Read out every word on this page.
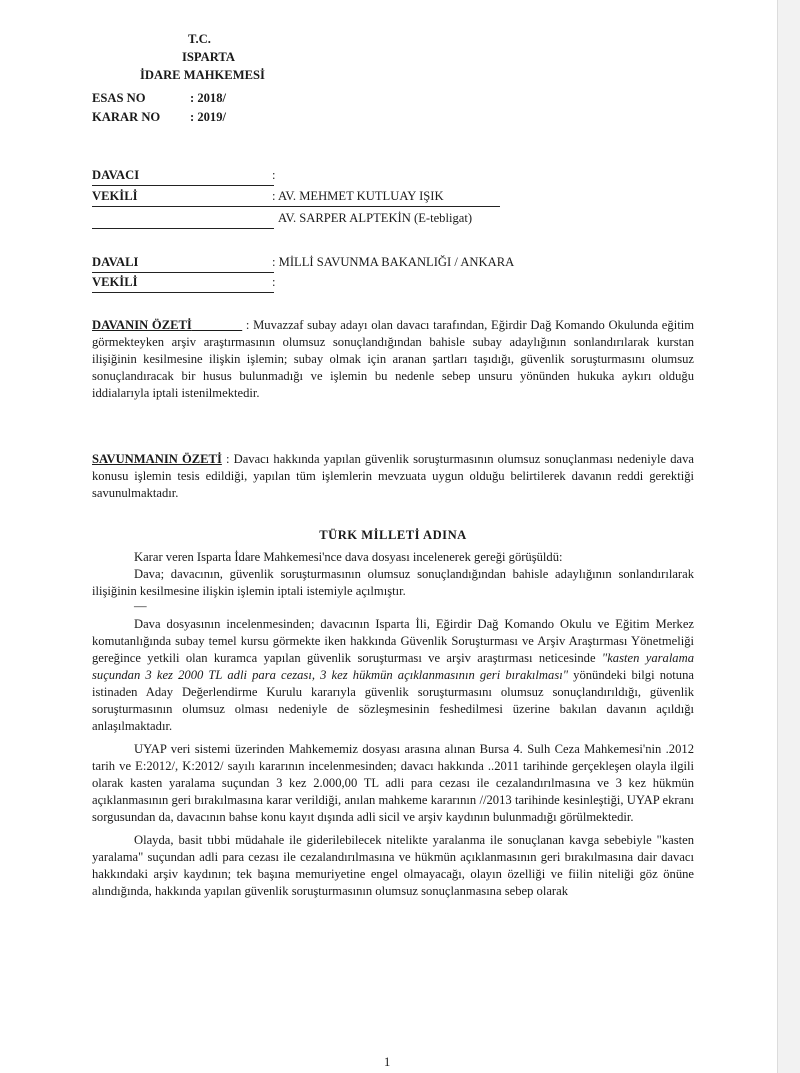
T.C.
ISPARTA
İDARE MAHKEMESİ
ESAS NO	: 2018/
KARAR NO : 2019/
DAVACI	:
VEKİLİ	: AV. MEHMET KUTLUAY IŞIK
AV. SARPER ALPTEKİN (E-tebligat)
DAVALI	: MİLLİ SAVUNMA BAKANLIĞI / ANKARA
VEKİLİ	:

DAVANIN ÖZETİ    	: Muvazzaf subay adayı olan davacı tarafından, Eğirdir Dağ Komando Okulunda eğitim görmekteyken arşiv araştırmasının olumsuz sonuçlandığından bahisle subay adaylığının sonlandırılarak kurstan ilişiğinin kesilmesine ilişkin işlemin; subay olmak için aranan şartları taşıdığı, güvenlik soruşturmasını olumsuz sonuçlandıracak bir husus bulunmadığı ve işlemin bu nedenle sebep unsuru yönünden hukuka aykırı olduğu iddialarıyla iptali istenilmektedir.

SAVUNMANIN ÖZETİ : Davacı hakkında yapılan güvenlik soruşturmasının olumsuz sonuçlanması nedeniyle dava konusu işlemin tesis edildiği, yapılan tüm işlemlerin mevzuata uygun olduğu belirtilerek davanın reddi gerektiği savunulmaktadır.

TÜRK MİLLETİ ADINA

Karar veren Isparta İdare Mahkemesi'nce dava dosyası incelenerek gereği görüşüldü:

Dava; davacının, güvenlik soruşturmasının olumsuz sonuçlandığından bahisle adaylığının sonlandırılarak ilişiğinin kesilmesine ilişkin işlemin iptali istemiyle açılmıştır.

—

Dava dosyasının incelenmesinden; davacının Isparta İli, Eğirdir Dağ Komando Okulu ve Eğitim Merkez komutanlığında subay temel kursu görmekte iken hakkında Güvenlik Soruşturması ve Arşiv Araştırması Yönetmeliği gereğince yetkili olan kuramca yapılan güvenlik soruşturması ve arşiv araştırması neticesinde "kasten yaralama suçundan 3 kez 2000 TL adli para cezası, 3 kez hükmün açıklanmasının geri bırakılması" yönündeki bilgi notuna istinaden Aday Değerlendirme Kurulu kararıyla güvenlik soruşturmasını olumsuz sonuçlandırıldığı, güvenlik soruşturmasının olumsuz olması nedeniyle de sözleşmesinin feshedilmesi üzerine bakılan davanın açıldığı anlaşılmaktadır.

UYAP veri sistemi üzerinden Mahkememiz dosyası arasına alınan Bursa 4. Sulh Ceza Mahkemesi'nin .2012 tarih ve E:2012/, K:2012/ sayılı kararının incelenmesinden; davacı hakkında ..2011 tarihinde gerçekleşen olayla ilgili olarak kasten yaralama suçundan 3 kez 2.000,00 TL adli para cezası ile cezalandırılmasına ve 3 kez hükmün açıklanmasının geri bırakılmasına karar verildiği, anılan mahkeme kararının //2013 tarihinde kesinleştiği, UYAP ekranı sorgusundan da, davacının bahse konu kayıt dışında adli sicil ve arşiv kaydının bulunmadığı görülmektedir.

Olayda, basit tıbbi müdahale ile giderilebilecek nitelikte yaralanma ile sonuçlanan kavga sebebiyle "kasten yaralama" suçundan adli para cezası ile cezalandırılmasına ve hükmün açıklanmasının geri bırakılmasına dair davacı hakkındaki arşiv kaydının; tek başına memuriyetine engel olmayacağı, olayın özelliği ve fiilin niteliği göz önüne alındığında, hakkında yapılan güvenlik soruşturmasının olumsuz sonuçlanmasına sebep olarak

1
